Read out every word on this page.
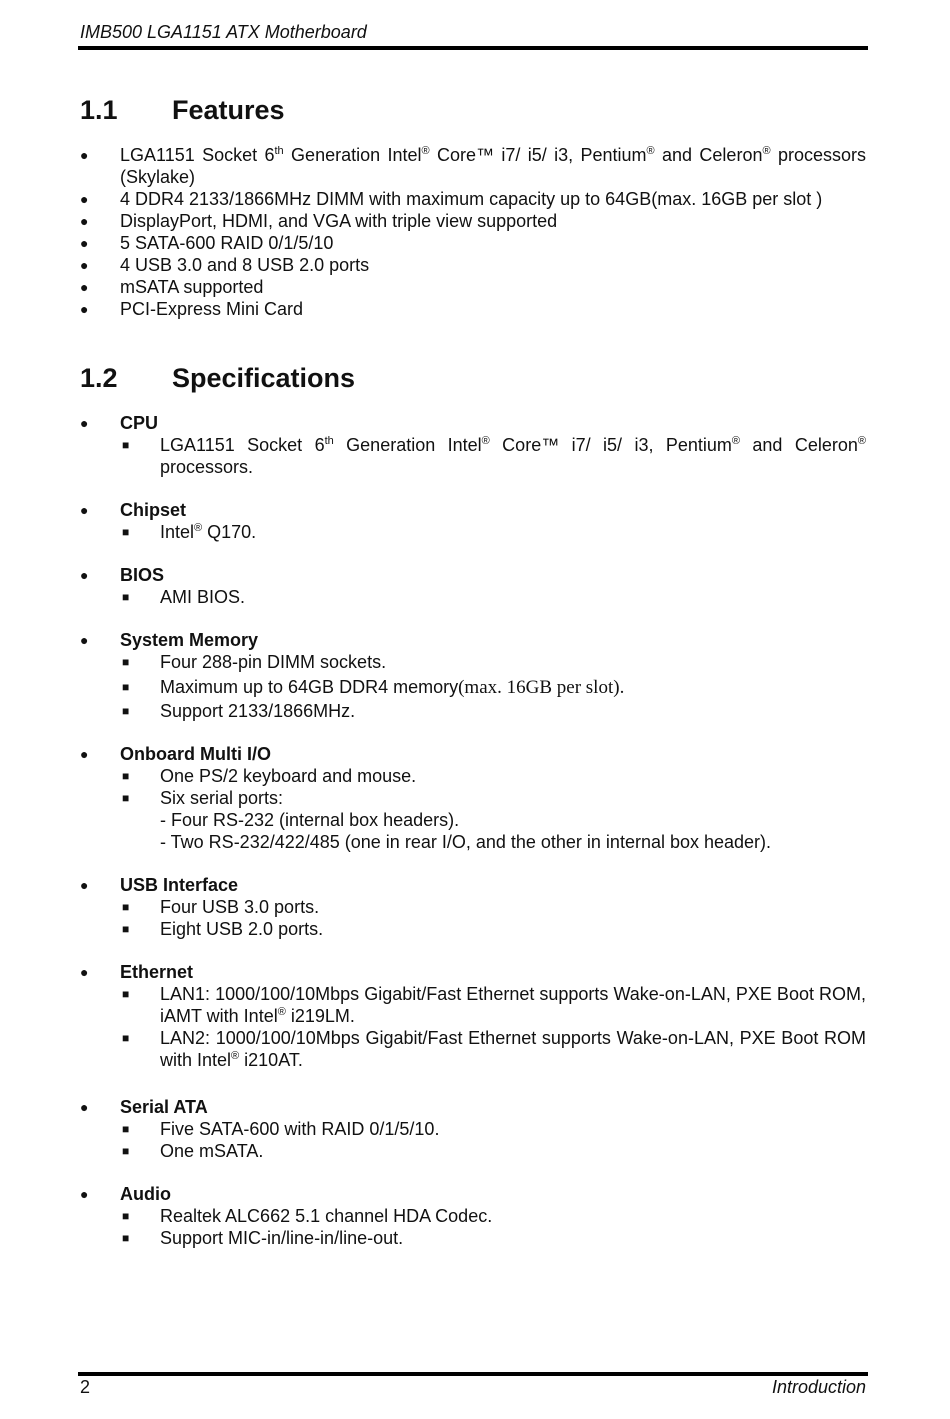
IMB500 LGA1151 ATX Motherboard
1.1	Features
● LGA1151 Socket 6th Generation Intel® Core™ i7/ i5/ i3, Pentium® and Celeron® processors (Skylake)
● 4 DDR4 2133/1866MHz DIMM with maximum capacity up to 64GB(max. 16GB per slot )
● DisplayPort, HDMI, and VGA with triple view supported
● 5 SATA-600 RAID 0/1/5/10
● 4 USB 3.0 and 8 USB 2.0 ports
● mSATA supported
● PCI-Express Mini Card
1.2	Specifications
● CPU
■ LGA1151 Socket 6th Generation Intel® Core™ i7/ i5/ i3, Pentium® and Celeron® processors.
● Chipset
■ Intel® Q170.
● BIOS
■ AMI BIOS.
● System Memory
■ Four 288-pin DIMM sockets.
■ Maximum up to 64GB DDR4 memory(max. 16GB per slot).
■ Support 2133/1866MHz.
● Onboard Multi I/O
■ One PS/2 keyboard and mouse.
■ Six serial ports:
- Four RS-232 (internal box headers).
- Two RS-232/422/485 (one in rear I/O, and the other in internal box header).
● USB Interface
■ Four USB 3.0 ports.
■ Eight USB 2.0 ports.
● Ethernet
■ LAN1: 1000/100/10Mbps Gigabit/Fast Ethernet supports Wake-on-LAN, PXE Boot ROM, iAMT with Intel® i219LM.
■ LAN2: 1000/100/10Mbps Gigabit/Fast Ethernet supports Wake-on-LAN, PXE Boot ROM with Intel® i210AT.
● Serial ATA
■ Five SATA-600 with RAID 0/1/5/10.
■ One mSATA.
● Audio
■ Realtek ALC662 5.1 channel HDA Codec.
■ Support MIC-in/line-in/line-out.
2	Introduction
